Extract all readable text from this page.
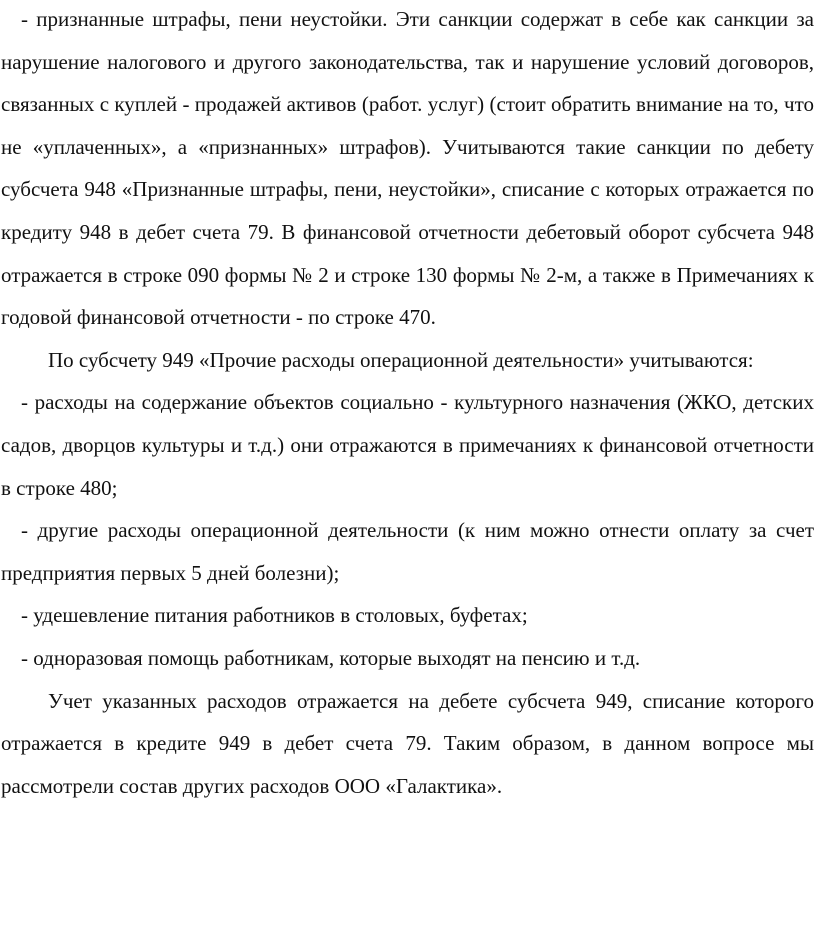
- признанные штрафы, пени неустойки. Эти санкции содержат в себе как санкции за нарушение налогового и другого законодательства, так и нарушение условий договоров, связанных с куплей - продажей активов (работ. услуг) (стоит обратить внимание на то, что не «уплаченных», а «признанных» штрафов). Учитываются такие санкции по дебету субсчета 948 «Признанные штрафы, пени, неустойки», списание с которых отражается по кредиту 948 в дебет счета 79. В финансовой отчетности дебетовый оборот субсчета 948 отражается в строке 090 формы № 2 и строке 130 формы № 2-м, а также в Примечаниях к годовой финансовой отчетности - по строке 470.

По субсчету 949 «Прочие расходы операционной деятельности» учитываются:

- расходы на содержание объектов социально - культурного назначения (ЖКО, детских садов, дворцов культуры и т.д.) они отражаются в примечаниях к финансовой отчетности в строке 480;

- другие расходы операционной деятельности (к ним можно отнести оплату за счет предприятия первых 5 дней болезни);

- удешевление питания работников в столовых, буфетах;

- одноразовая помощь работникам, которые выходят на пенсию и т.д.

Учет указанных расходов отражается на дебете субсчета 949, списание которого отражается в кредите 949 в дебет счета 79. Таким образом, в данном вопросе мы рассмотрели состав других расходов ООО «Галактика».
